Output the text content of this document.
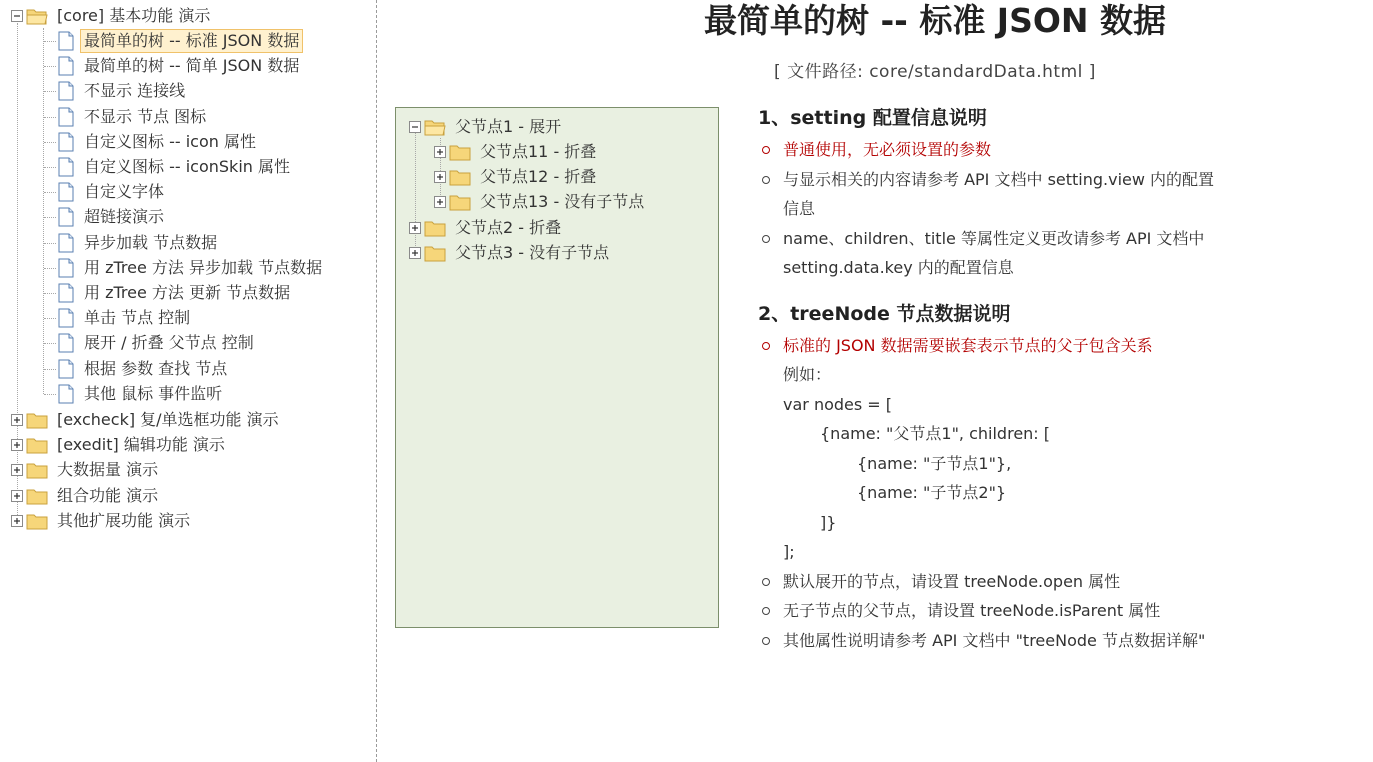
[core] 基本功能 演示
最简单的树 -- 标准 JSON 数据
最简单的树 -- 简单 JSON 数据
不显示 连接线
不显示 节点 图标
自定义图标 -- icon 属性
自定义图标 -- iconSkin 属性
自定义字体
超链接演示
异步加载 节点数据
用 zTree 方法 异步加载 节点数据
用 zTree 方法 更新 节点数据
单击 节点 控制
展开 / 折叠 父节点 控制
根据 参数 查找 节点
其他 鼠标 事件监听
[excheck] 复/单选框功能 演示
[exedit] 编辑功能 演示
大数据量 演示
组合功能 演示
其他扩展功能 演示
父节点1 - 展开
父节点11 - 折叠
父节点12 - 折叠
父节点13 - 没有子节点
父节点2 - 折叠
父节点3 - 没有子节点
最简单的树 -- 标准 JSON 数据
[ 文件路径: core/standardData.html ]
1、setting 配置信息说明
普通使用，无必须设置的参数
与显示相关的内容请参考 API 文档中 setting.view 内的配置信息
name、children、title 等属性定义更改请参考 API 文档中 setting.data.key 内的配置信息
2、treeNode 节点数据说明
标准的 JSON 数据需要嵌套表示节点的父子包含关系
例如：
var nodes = [
{name: "父节点1", children: [
{name: "子节点1"},
{name: "子节点2"}
]}
];
默认展开的节点，请设置 treeNode.open 属性
无子节点的父节点，请设置 treeNode.isParent 属性
其他属性说明请参考 API 文档中 "treeNode 节点数据详解"
